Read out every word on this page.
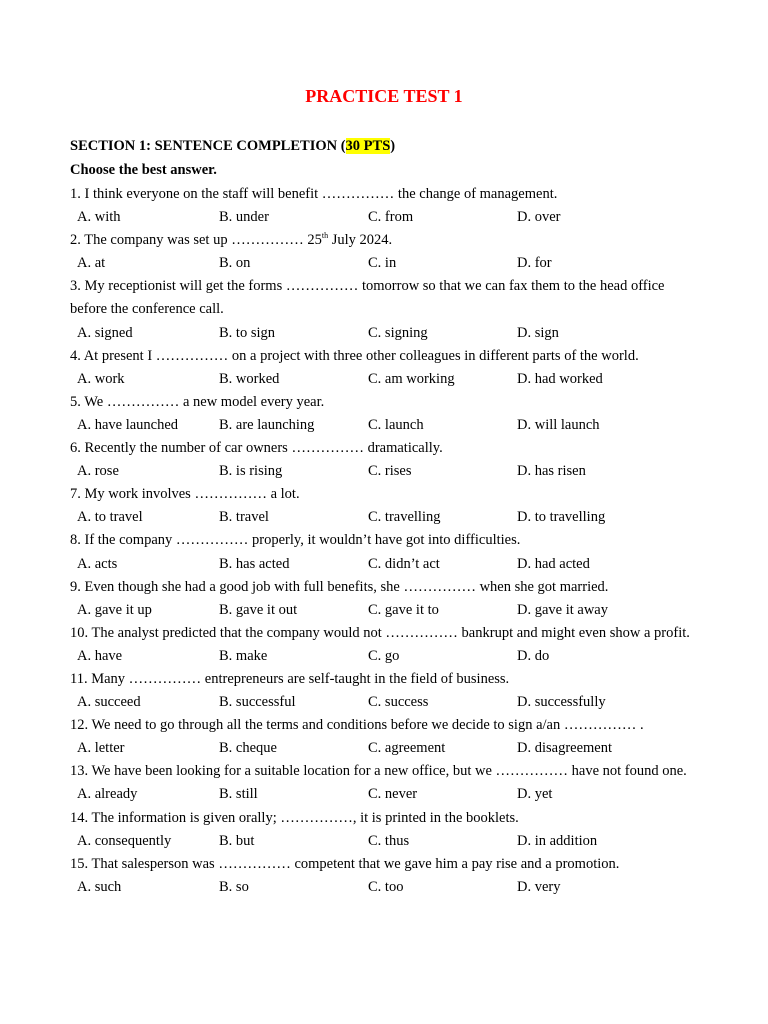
PRACTICE TEST 1
SECTION 1: SENTENCE COMPLETION (30 PTS)
Choose the best answer.
1. I think everyone on the staff will benefit …………… the change of management.
A. with	B. under	C. from	D. over
2. The company was set up …………… 25th July 2024.
A. at	B. on	C. in	D. for
3. My receptionist will get the forms …………… tomorrow so that we can fax them to the head office before the conference call.
A. signed	B. to sign	C. signing	D. sign
4. At present I …………… on a project with three other colleagues in different parts of the world.
A. work	B. worked	C. am working	D. had worked
5. We …………… a new model every year.
A. have launched	B. are launching	C. launch	D. will launch
6. Recently the number of car owners …………… dramatically.
A. rose	B. is rising	C. rises	D. has risen
7. My work involves …………… a lot.
A. to travel	B. travel	C. travelling	D. to travelling
8. If the company …………… properly, it wouldn’t have got into difficulties.
A. acts	B. has acted	C. didn’t act	D. had acted
9. Even though she had a good job with full benefits, she …………… when she got married.
A. gave it up	B. gave it out	C. gave it to	D. gave it away
10. The analyst predicted that the company would not …………… bankrupt and might even show a profit.
A. have	B. make	C. go	D. do
11. Many …………… entrepreneurs are self-taught in the field of business.
A. succeed	B. successful	C. success	D. successfully
12. We need to go through all the terms and conditions before we decide to sign a/an …………… .
A. letter	B. cheque	C. agreement	D. disagreement
13. We have been looking for a suitable location for a new office, but we …………… have not found one.
A. already	B. still	C. never	D. yet
14. The information is given orally; ……………, it is printed in the booklets.
A. consequently	B. but	C. thus	D. in addition
15. That salesperson was …………… competent that we gave him a pay rise and a promotion.
A. such	B. so	C. too	D. very
